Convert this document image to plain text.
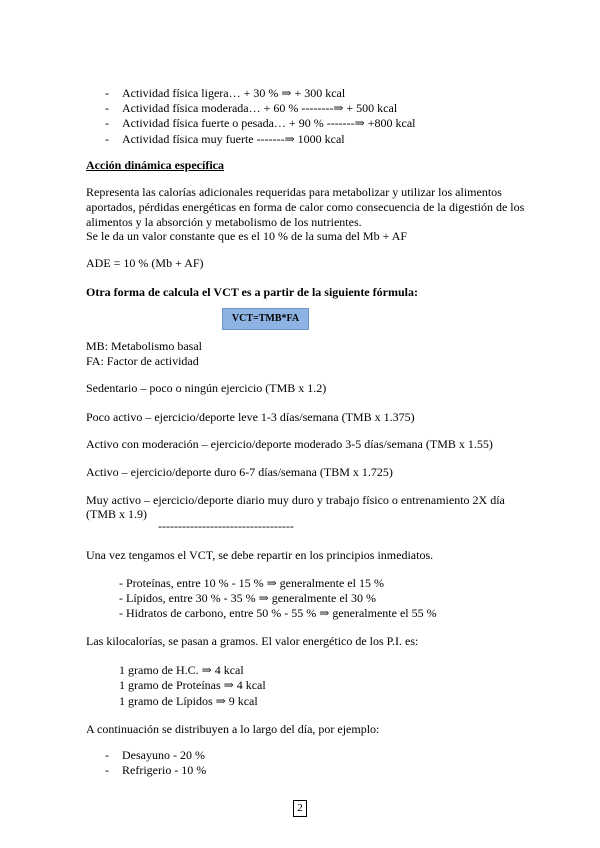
- Actividad física ligera… + 30 % ⇒ + 300 kcal
- Actividad física moderada… + 60 % --------⇒ + 500 kcal
- Actividad física fuerte o pesada… + 90 % -------⇒ +800 kcal
- Actividad física muy fuerte -------⇒ 1000 kcal
Acción dinámica específica
Representa las calorías adicionales requeridas para metabolizar y utilizar los alimentos aportados, pérdidas energéticas en forma de calor como consecuencia de la digestión de los alimentos y la absorción y metabolismo de los nutrientes.
Se le da un valor constante que es el 10 % de la suma del Mb + AF
ADE = 10 % (Mb + AF)
Otra forma de calcula el VCT es a partir de la siguiente fórmula:
VCT=TMB*FA
MB: Metabolismo basal
FA: Factor de actividad
Sedentario – poco o ningún ejercicio (TMB x 1.2)
Poco activo – ejercicio/deporte leve 1-3 días/semana (TMB x 1.375)
Activo con moderación – ejercicio/deporte moderado 3-5 días/semana (TMB x 1.55)
Activo – ejercicio/deporte duro 6-7 días/semana (TBM x 1.725)
Muy activo – ejercicio/deporte diario muy duro y trabajo físico o entrenamiento 2X día
(TMB x 1.9)
----------------------------------
Una vez tengamos el VCT, se debe repartir en los principios inmediatos.
- Proteínas, entre 10 % - 15 % ⇒ generalmente el 15 %
- Lípidos, entre 30 % - 35 % ⇒ generalmente el 30 %
- Hidratos de carbono, entre 50 % - 55 % ⇒ generalmente el 55 %
Las kilocalorías, se pasan a gramos. El valor energético de los P.I. es:
1 gramo de H.C. ⇒ 4 kcal
1 gramo de Proteínas ⇒ 4 kcal
1 gramo de Lípidos ⇒ 9 kcal
A continuación se distribuyen a lo largo del día, por ejemplo:
- Desayuno - 20 %
- Refrigerio - 10 %
2
